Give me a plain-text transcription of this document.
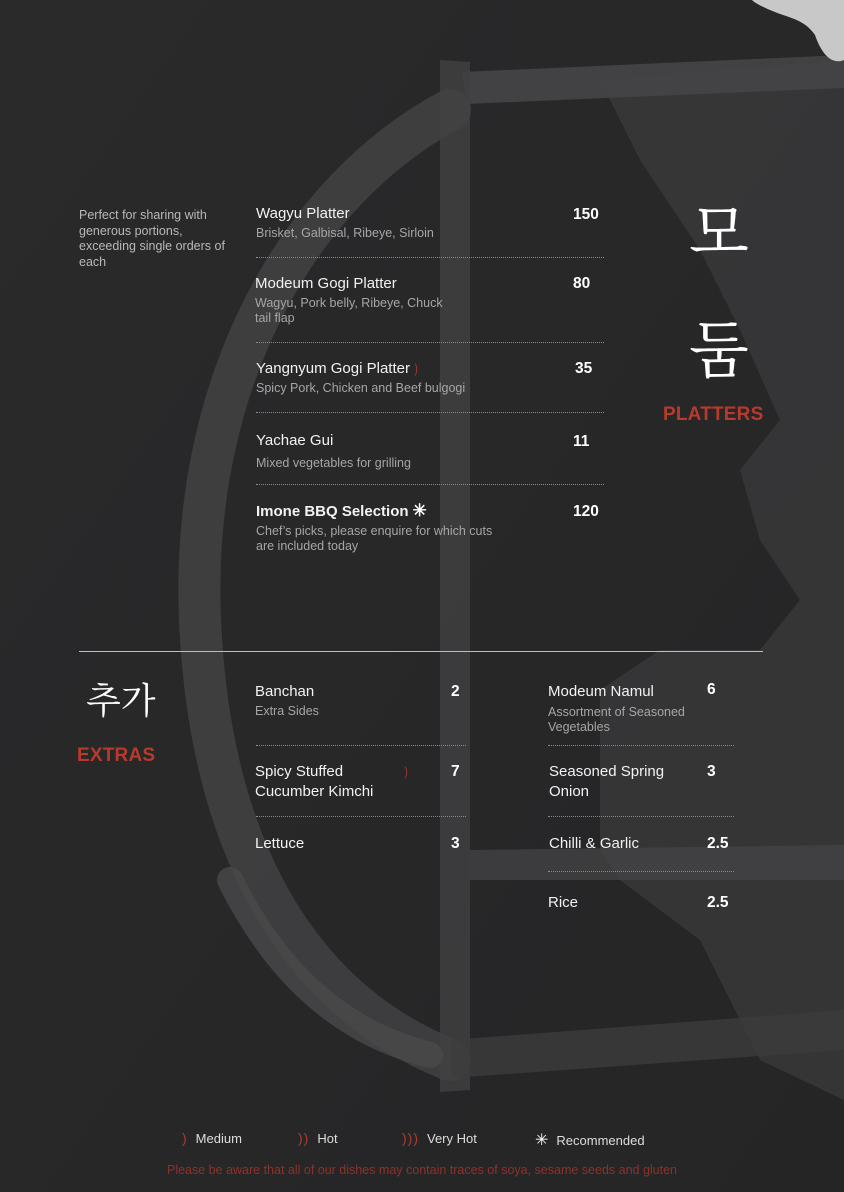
Perfect for sharing with generous portions, exceeding single orders of each
Wagyu Platter
Brisket, Galbisal, Ribeye, Sirloin
150
Modeum Gogi Platter
Wagyu, Pork belly, Ribeye, Chuck tail flap
80
Yangnyum Gogi Platter )
Spicy Pork, Chicken and Beef bulgogi
35
Yachae Gui
Mixed vegetables for grilling
11
Imone BBQ Selection ✳
Chef’s picks, please enquire for which cuts are included today
120
모
둠
PLATTERS
추가
EXTRAS
Banchan
Extra Sides
2
Spicy Stuffed Cucumber Kimchi
)	7
Lettuce	3
Modeum Namul
Assortment of Seasoned Vegetables
6
Seasoned Spring Onion
3
Chilli & Garlic	2.5
Rice	2.5
) Medium	)) Hot	))) Very Hot	✳ Recommended
Please be aware that all of our dishes may contain traces of soya, sesame seeds and gluten
